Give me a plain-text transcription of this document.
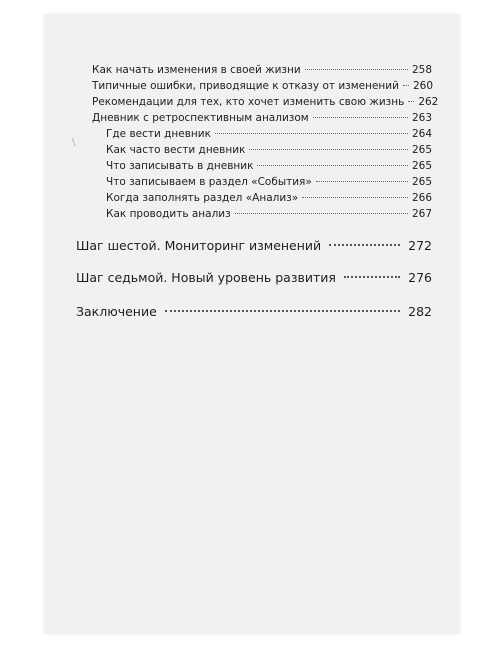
Как начать изменения в своей жизни	258
Типичные ошибки, приводящие к отказу от изменений 260
Рекомендации для тех, кто хочет изменить свою жизнь 262
Дневник с ретроспективным анализом	263
Где вести дневник	264
Как часто вести дневник	265
Что записывать в дневник	265
Что записываем в раздел «События»	265
Когда заполнять раздел «Анализ»	266
Как проводить анализ	267
Шаг шестой. Мониторинг изменений	272
Шаг седьмой. Новый уровень развития	276
Заключение	282
\
